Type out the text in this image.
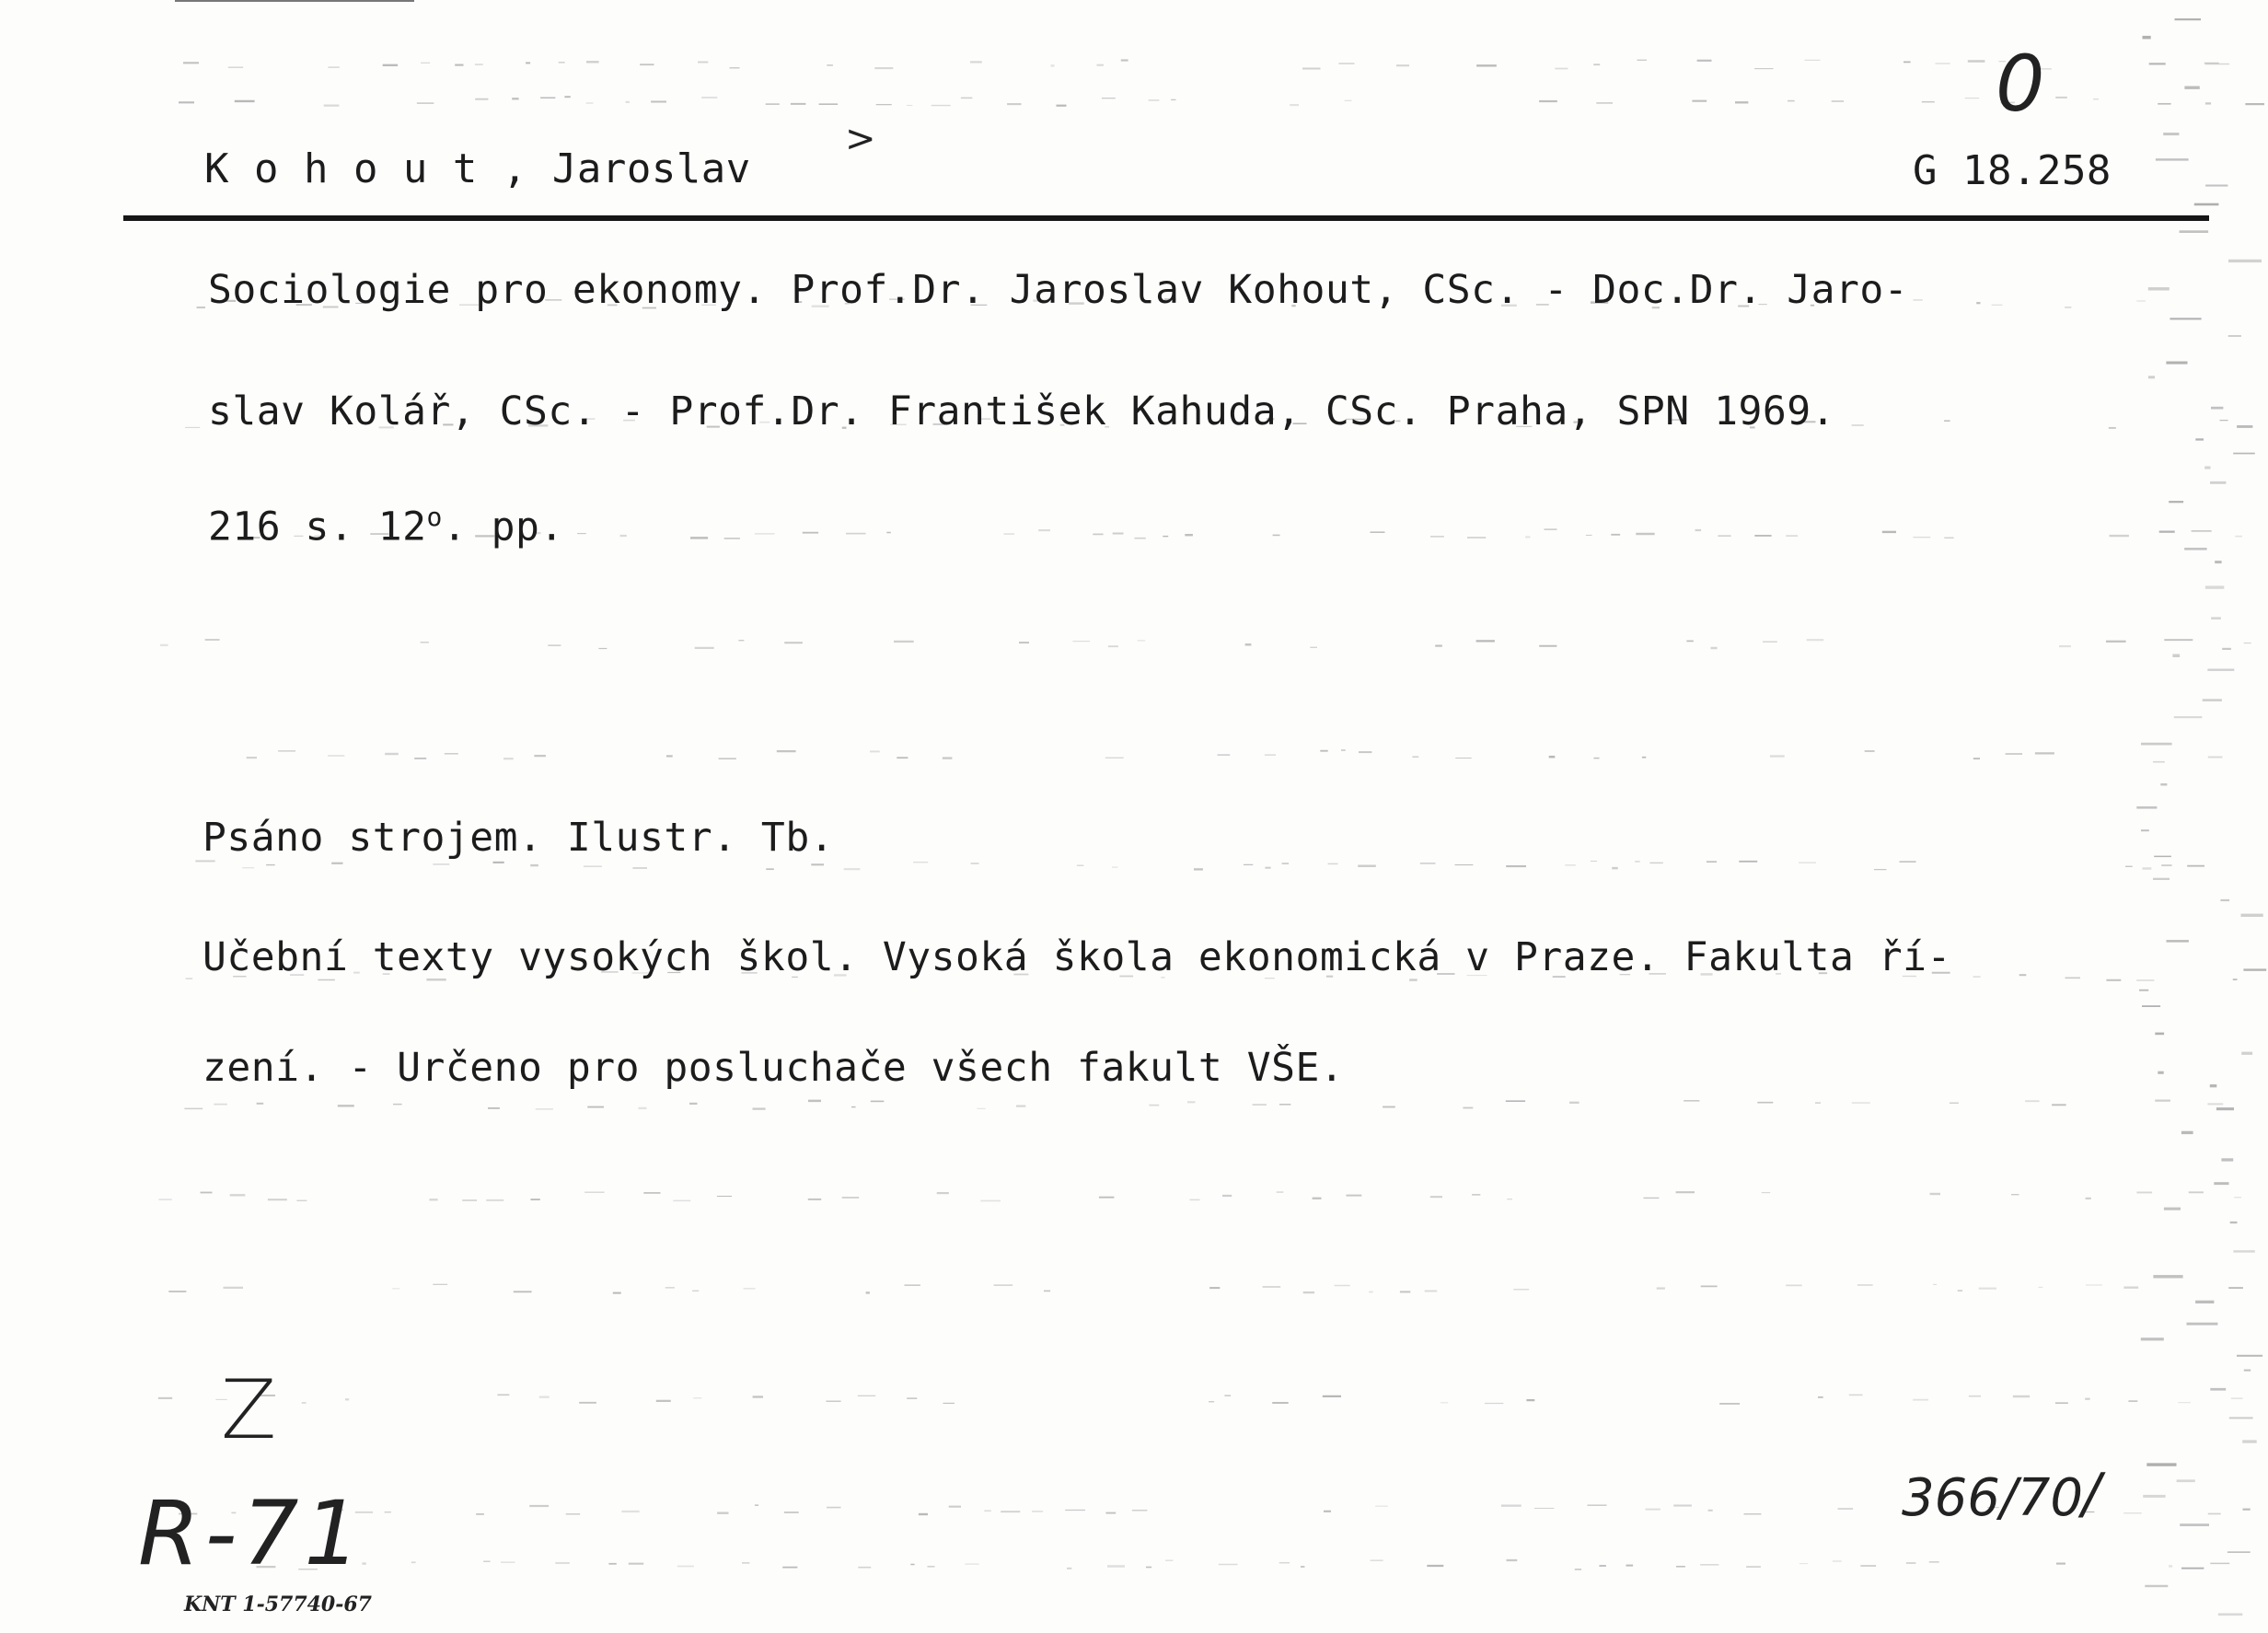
K o h o u t , Jaroslav
>
G 18.258
0
Sociologie pro ekonomy. Prof.Dr. Jaroslav Kohout, CSc. - Doc.Dr. Jaro-
slav Kolář, CSc. - Prof.Dr. František Kahuda, CSc. Praha, SPN 1969.
216 s. 12$^o$. pp.
Psáno strojem. Ilustr. Tb.
Učební texty vysokých škol. Vysoká škola ekonomická v Praze. Fakulta ří-
zení. - Určeno pro posluchače všech fakult VŠE.
Z
R-71	366/70
/
KNT 1-57740-67
